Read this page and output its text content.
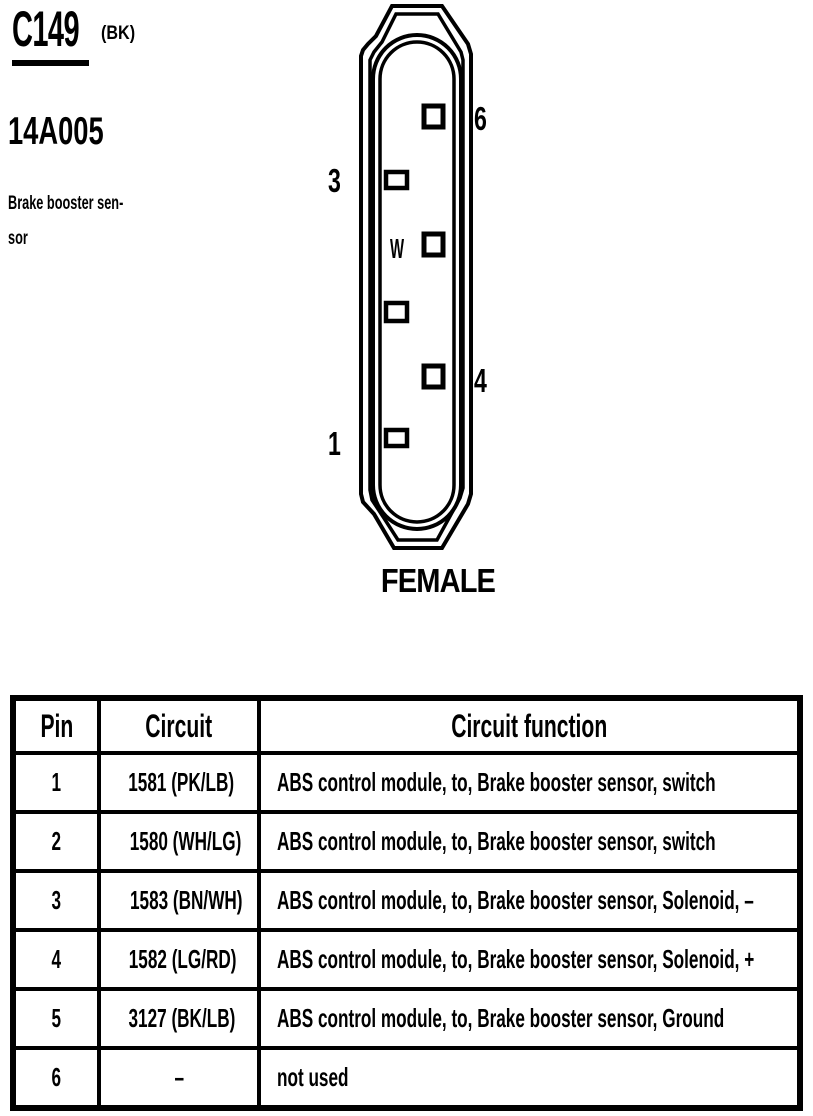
C149 (BK)
14A005
Brake booster sen-
sor	W
6
3
4
1
FEMALE
Pin	Circuit	Circuit function
1	1581 (PK/LB)	ABS control module, to, Brake booster sensor, switch
2	1580 (WH/LG)	ABS control module, to, Brake booster sensor, switch
3	1583 (BN/WH)	ABS control module, to, Brake booster sensor, Solenoid, –
4	1582 (LG/RD)	ABS control module, to, Brake booster sensor, Solenoid, +
5	3127 (BK/LB)	ABS control module, to, Brake booster sensor, Ground
6	–	not used
